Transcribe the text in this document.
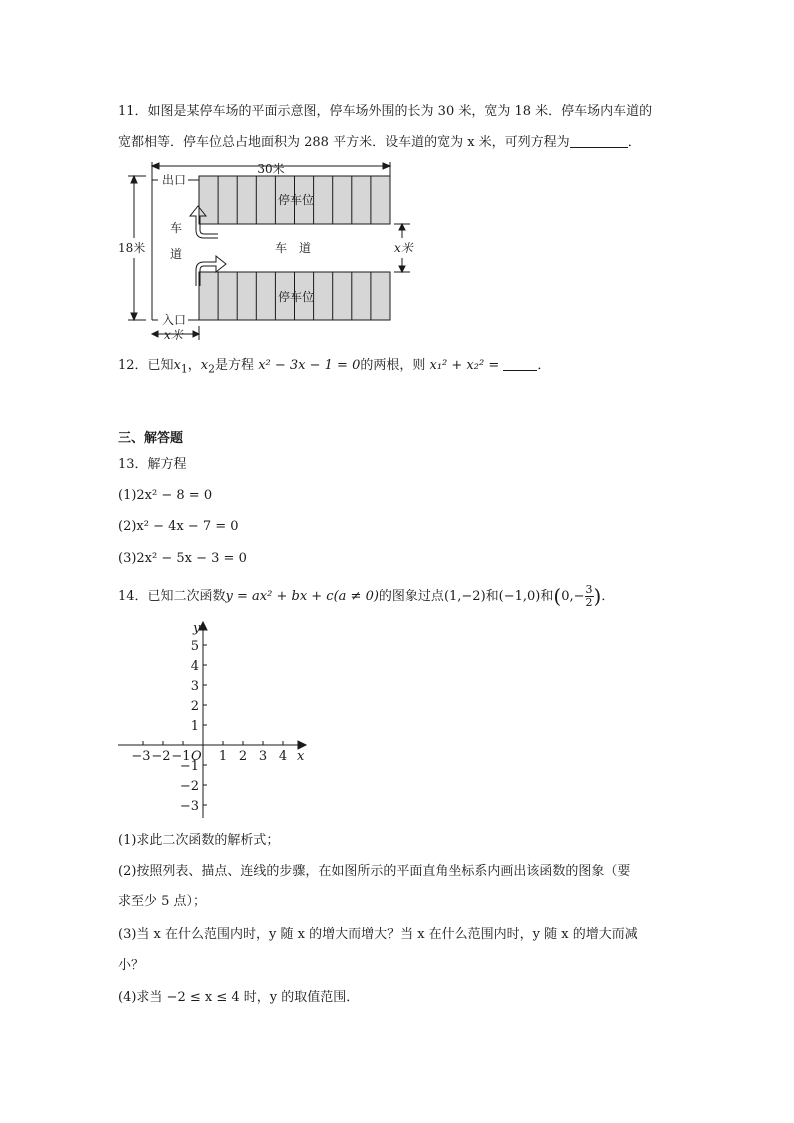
11．如图是某停车场的平面示意图，停车场外围的长为 30 米，宽为 18 米．停车场内车道的
宽都相等．停车位总占地面积为 288 平方米．设车道的宽为 x 米，可列方程为	．
30米
18米
出口
入口
停车位
停车位
车　道
车
道	x米
x米
12．已知$x_1$，$x_2$是方程 x² − 3x − 1 = 0的两根，则 x₁² + x₂² =	．
三、解答题
13．解方程
(1)2x² − 8 = 0
(2)x² − 4x − 7 = 0
(3)2x² − 5x − 3 = 0
14．已知二次函数y = ax² + bx + c(a ≠ 0)的图象过点(1,−2)和(−1,0)和($0,- \frac{3}{2}$ )．
−3 −2 −1 1 2 3 4
−3
−2
−1
1
2
3
4
5
x
y
O
(1)求此二次函数的解析式；
(2)按照列表、描点、连线的步骤，在如图所示的平面直角坐标系内画出该函数的图象（要
求至少 5 点）；
(3)当 x 在什么范围内时，y 随 x 的增大而增大？当 x 在什么范围内时，y 随 x 的增大而减
小？
(4)求当 −2 ≤ x ≤ 4 时，y 的取值范围．
